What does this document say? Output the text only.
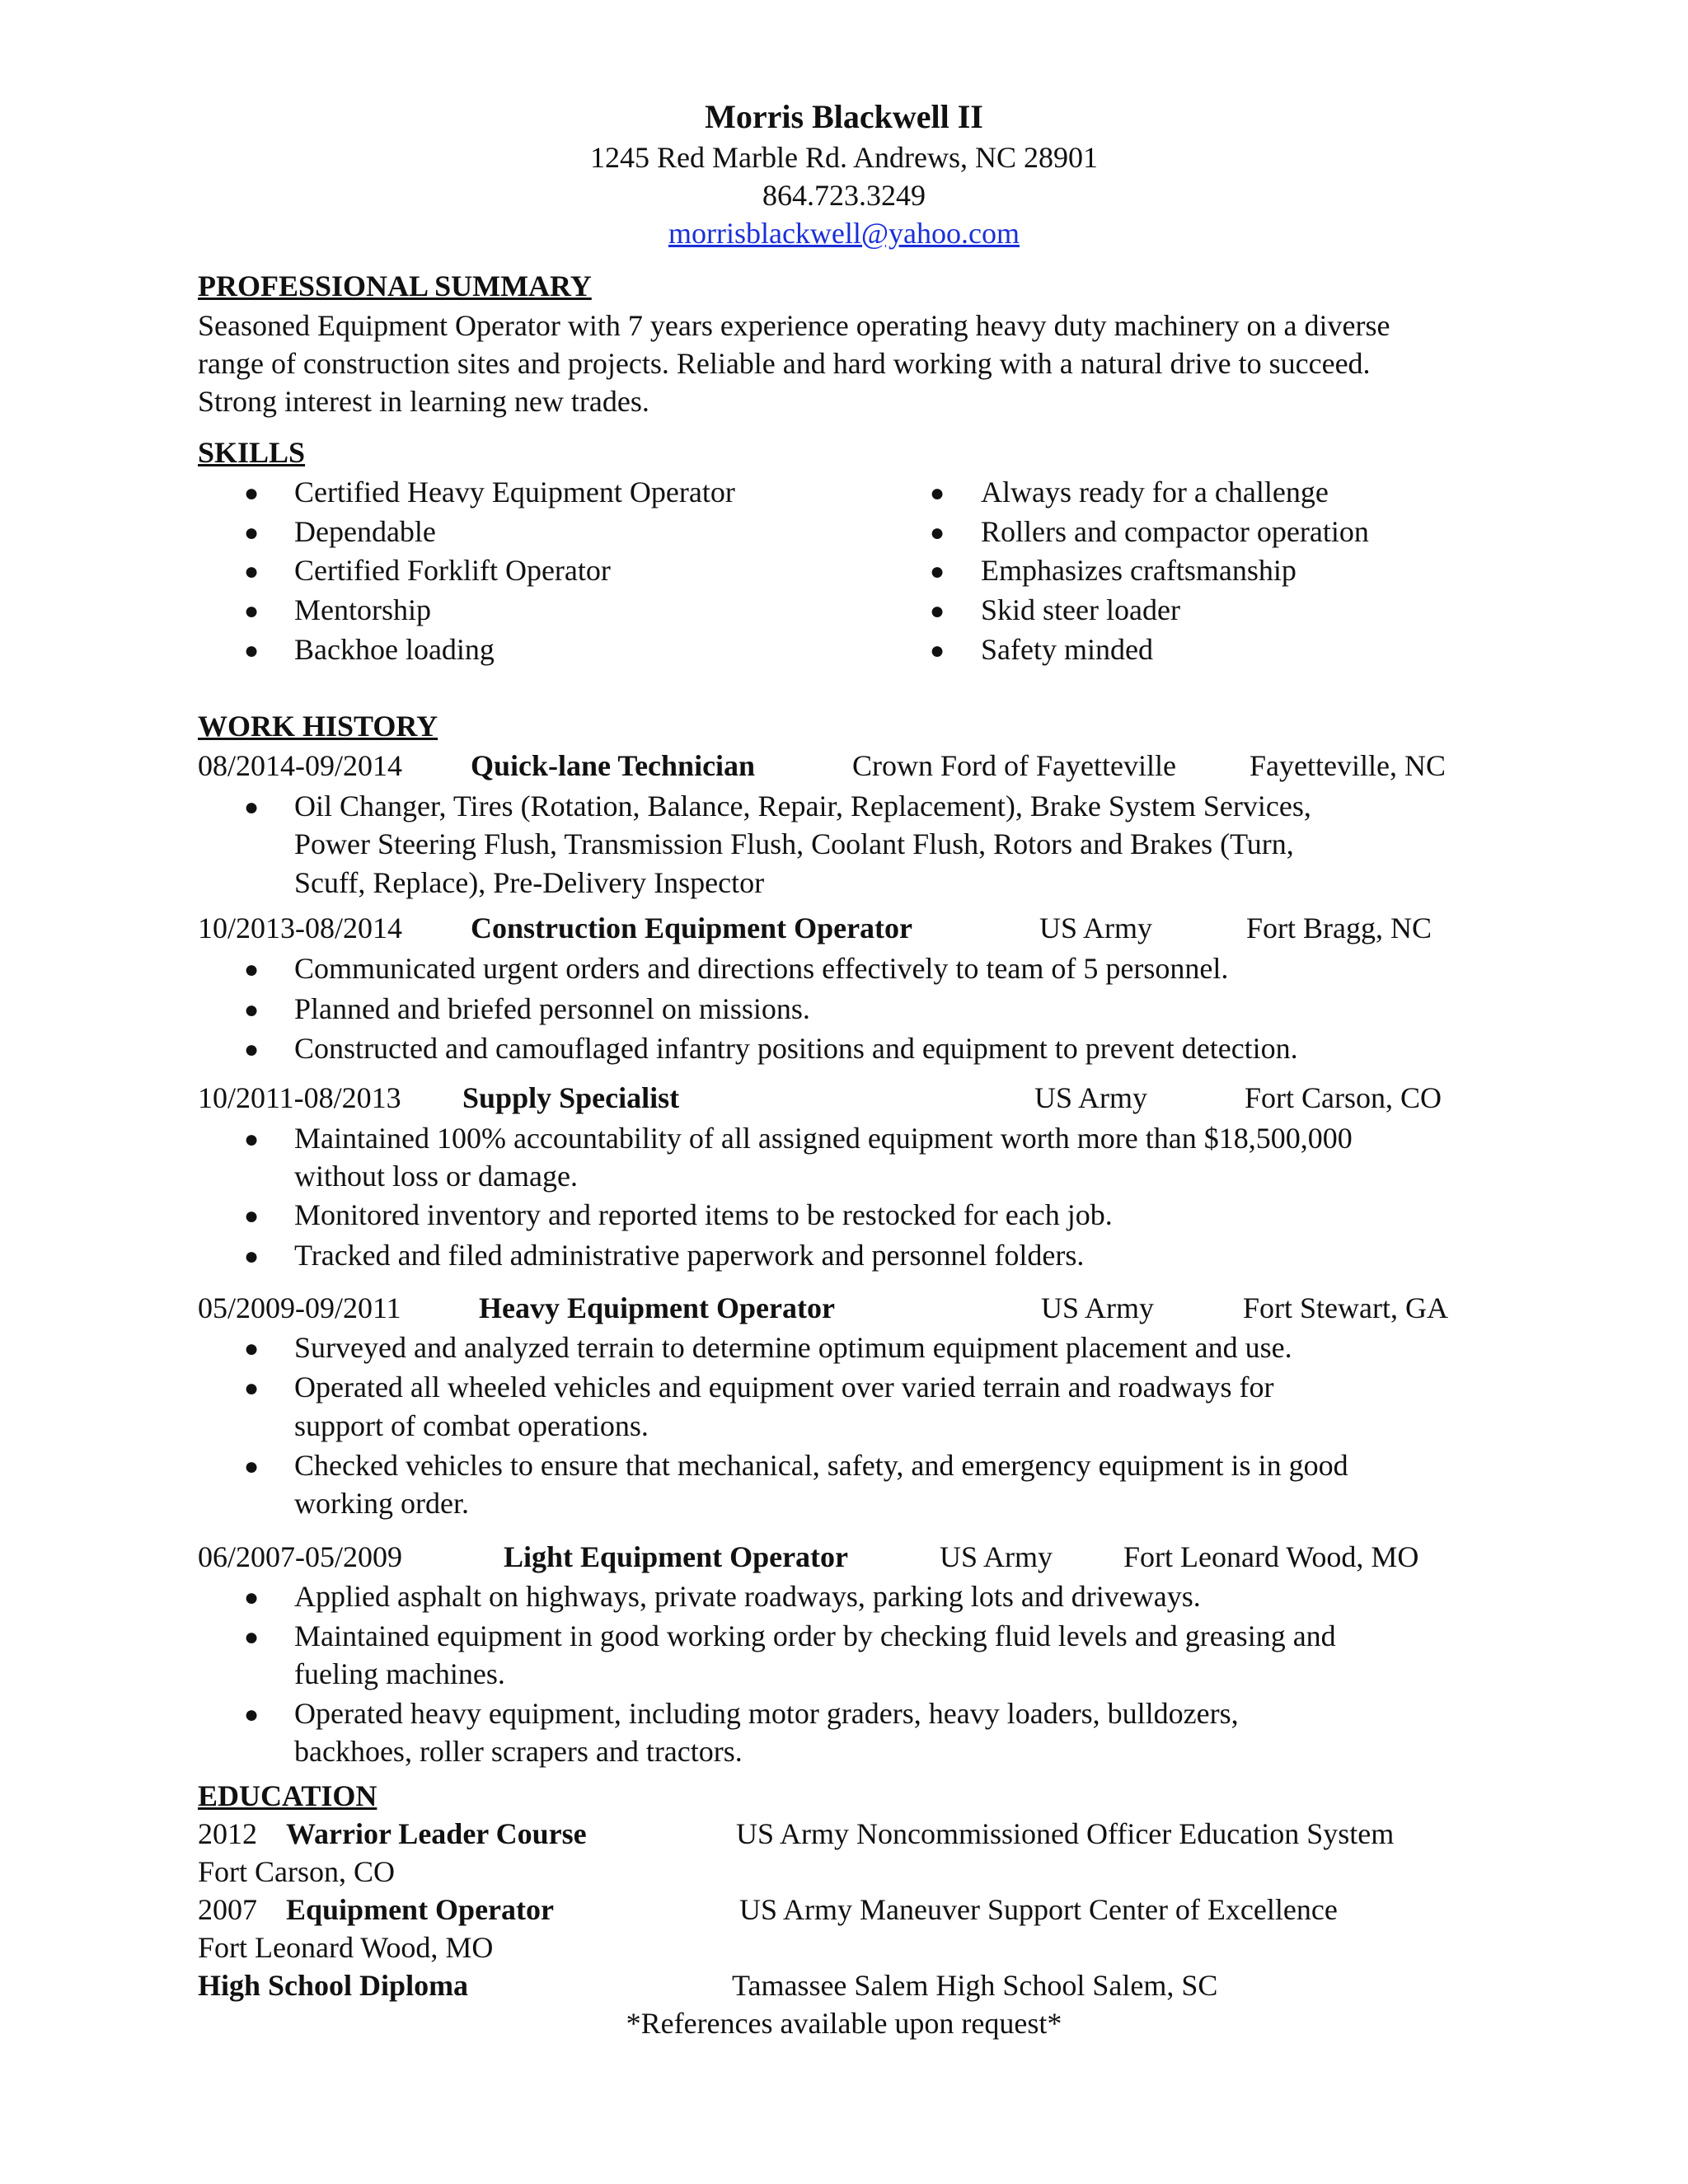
Morris Blackwell II
1245 Red Marble Rd. Andrews, NC 28901
864.723.3249
morrisblackwell@yahoo.com
PROFESSIONAL SUMMARY
Seasoned Equipment Operator with 7 years experience operating heavy duty machinery on a diverse
range of construction sites and projects. Reliable and hard working with a natural drive to succeed.
Strong interest in learning new trades.
SKILLS
● Certified Heavy Equipment Operator
● Dependable
● Certified Forklift Operator
● Mentorship
● Backhoe loading
● Always ready for a challenge
● Rollers and compactor operation
● Emphasizes craftsmanship
● Skid steer loader
● Safety minded
WORK HISTORY
08/2014-09/2014 Quick-lane Technician	Crown Ford of Fayetteville Fayetteville, NC
● Oil Changer, Tires (Rotation, Balance, Repair, Replacement), Brake System Services,
Power Steering Flush, Transmission Flush, Coolant Flush, Rotors and Brakes (Turn,
Scuff, Replace), Pre-Delivery Inspector
10/2013-08/2014 Construction Equipment Operator	US Army	Fort Bragg, NC
● Communicated urgent orders and directions effectively to team of 5 personnel.
● Planned and briefed personnel on missions.
● Constructed and camouflaged infantry positions and equipment to prevent detection.
10/2011-08/2013 Supply Specialist	US Army	Fort Carson, CO
● Maintained 100% accountability of all assigned equipment worth more than $18,500,000
without loss or damage.
● Monitored inventory and reported items to be restocked for each job.
● Tracked and filed administrative paperwork and personnel folders.
05/2009-09/2011	Heavy Equipment Operator	US Army	Fort Stewart, GA
● Surveyed and analyzed terrain to determine optimum equipment placement and use.
● Operated all wheeled vehicles and equipment over varied terrain and roadways for
support of combat operations.
● Checked vehicles to ensure that mechanical, safety, and emergency equipment is in good
working order.
06/2007-05/2009	Light Equipment Operator	US Army Fort Leonard Wood, MO
● Applied asphalt on highways, private roadways, parking lots and driveways.
● Maintained equipment in good working order by checking fluid levels and greasing and
fueling machines.
● Operated heavy equipment, including motor graders, heavy loaders, bulldozers,
backhoes, roller scrapers and tractors.
EDUCATION
2012 Warrior Leader Course	US Army Noncommissioned Officer Education System
Fort Carson, CO
2007 Equipment Operator	US Army Maneuver Support Center of Excellence
Fort Leonard Wood, MO
High School Diploma	Tamassee Salem High School Salem, SC
*References available upon request*
